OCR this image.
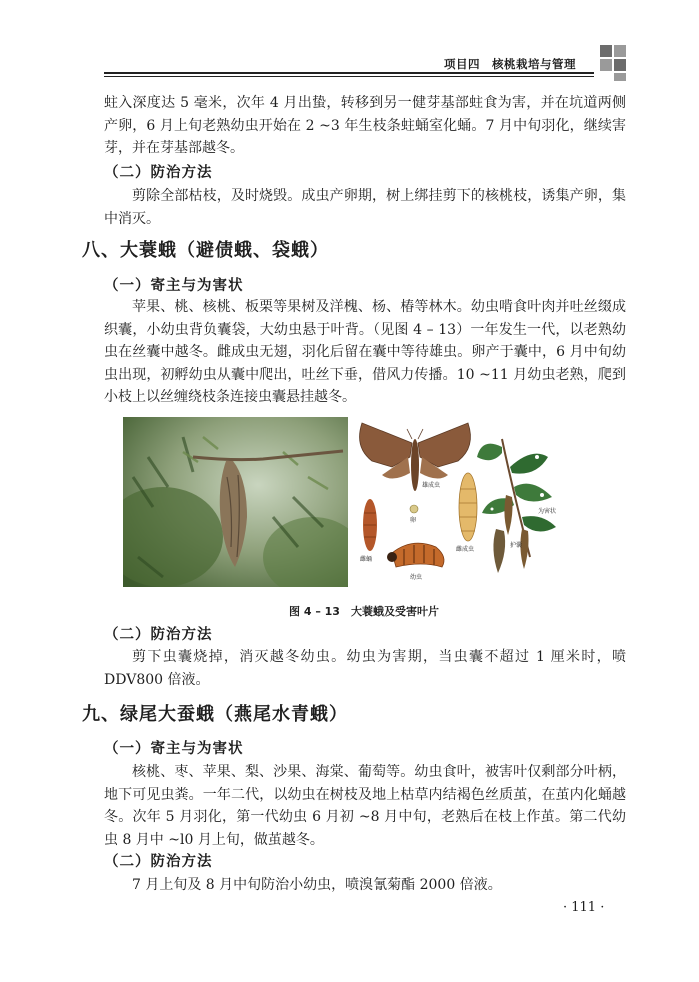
项目四　核桃栽培与管理

蛀入深度达 5 毫米，次年 4 月出蛰，转移到另一健芽基部蛀食为害，并在坑道两侧产卵，6 月上旬老熟幼虫开始在 2 ~3 年生枝条蛀蛹室化蛹。7 月中旬羽化，继续害芽，并在芽基部越冬。

（二）防治方法

剪除全部枯枝，及时烧毁。成虫产卵期，树上绑挂剪下的核桃枝，诱集产卵，集中消灭。

八、大蓑蛾（避债蛾、袋蛾）

（一）寄主与为害状

苹果、桃、核桃、板栗等果树及洋槐、杨、椿等林木。幼虫啃食叶肉并吐丝缀成织囊，小幼虫背负囊袋，大幼虫悬于叶背。（见图 4 – 13）一年发生一代，以老熟幼虫在丝囊中越冬。雌成虫无翅，羽化后留在囊中等待雄虫。卵产于囊中，6 月中旬幼虫出现，初孵幼虫从囊中爬出，吐丝下垂，借风力传播。10 ~11 月幼虫老熟，爬到小枝上以丝缠绕枝条连接虫囊悬挂越冬。

雄成虫
卵
雌蛹
幼虫
雌成虫
护囊
为害状
图 4 – 13　大蓑蛾及受害叶片

（二）防治方法

剪下虫囊烧掉，消灭越冬幼虫。幼虫为害期，当虫囊不超过 1 厘米时，喷 DDV800 倍液。

九、绿尾大蚕蛾（燕尾水青蛾）

（一）寄主与为害状

核桃、枣、苹果、梨、沙果、海棠、葡萄等。幼虫食叶，被害叶仅剩部分叶柄，地下可见虫粪。一年二代，以幼虫在树枝及地上枯草内结褐色丝质茧，在茧内化蛹越冬。次年 5 月羽化，第一代幼虫 6 月初 ~8 月中旬，老熟后在枝上作茧。第二代幼虫 8 月中 ~l0 月上旬，做茧越冬。

（二）防治方法

7 月上旬及 8 月中旬防治小幼虫，喷溴氰菊酯 2000 倍液。

· 111 ·
